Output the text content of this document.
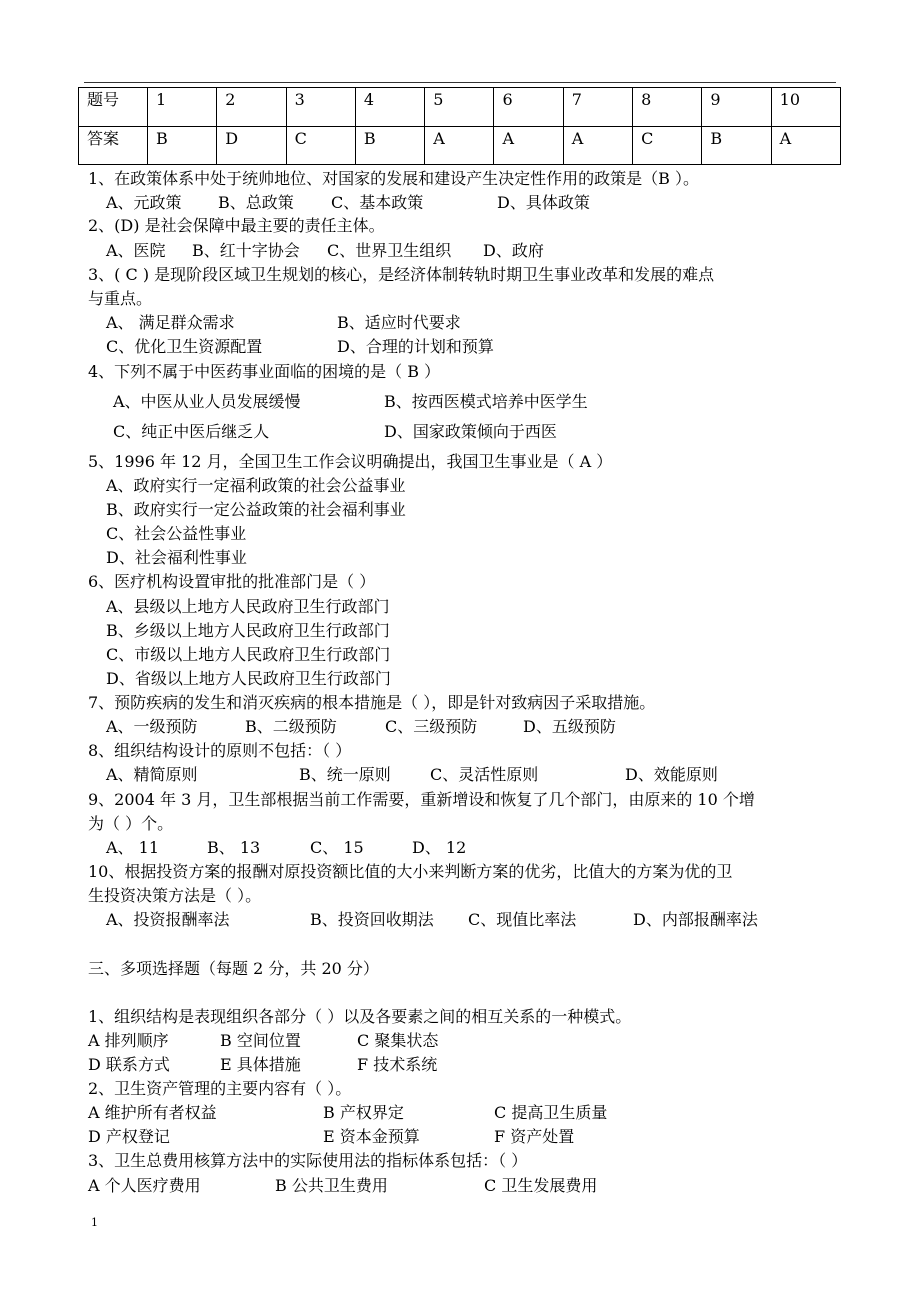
题号	1	2	3	4	5	6	7	8	9	10
答案	B	D	C	B	A	A	A	C	B	A
1、在政策体系中处于统帅地位、对国家的发展和建设产生决定性作用的政策是（B ）。
A、元政策 B、总政策 C、基本政策	D、具体政策
2、(D) 是社会保障中最主要的责任主体。
A、医院 B、红十字协会 C、世界卫生组织 D、政府
3、( C ) 是现阶段区域卫生规划的核心，是经济体制转轨时期卫生事业改革和发展的难点
与重点。
A、 满足群众需求	B、适应时代要求
C、优化卫生资源配置	D、合理的计划和预算
4、下列不属于中医药事业面临的困境的是（ B ）
A、中医从业人员发展缓慢	B、按西医模式培养中医学生
C、纯正中医后继乏人	D、国家政策倾向于西医
5、1996 年 12 月，全国卫生工作会议明确提出，我国卫生事业是（ A ）
A、政府实行一定福利政策的社会公益事业
B、政府实行一定公益政策的社会福利事业
C、社会公益性事业
D、社会福利性事业
6、医疗机构设置审批的批准部门是（ ）
A、县级以上地方人民政府卫生行政部门
B、乡级以上地方人民政府卫生行政部门
C、市级以上地方人民政府卫生行政部门
D、省级以上地方人民政府卫生行政部门
7、预防疾病的发生和消灭疾病的根本措施是（ ），即是针对致病因子采取措施。
A、一级预防	B、二级预防	C、三级预防	D、五级预防
8、组织结构设计的原则不包括：（ ）
A、精简原则	B、统一原则 C、灵活性原则	D、效能原则
9、2004 年 3 月，卫生部根据当前工作需要，重新增设和恢复了几个部门，由原来的 10 个增
为（ ）个。
A、 11	B、 13	C、 15	D、 12
10、根据投资方案的报酬对原投资额比值的大小来判断方案的优劣，比值大的方案为优的卫
生投资决策方法是（ ）。
A、投资报酬率法	B、投资回收期法 C、现值比率法	D、内部报酬率法
三、多项选择题（每题 2 分，共 20 分）
1、组织结构是表现组织各部分（ ）以及各要素之间的相互关系的一种模式。
A 排列顺序	B 空间位置	C 聚集状态
D 联系方式	E 具体措施	F 技术系统
2、卫生资产管理的主要内容有（ ）。
A 维护所有者权益	B 产权界定	C 提高卫生质量
D 产权登记	E 资本金预算	F 资产处置
3、卫生总费用核算方法中的实际使用法的指标体系包括：（ ）
A 个人医疗费用	B 公共卫生费用	C 卫生发展费用
1
